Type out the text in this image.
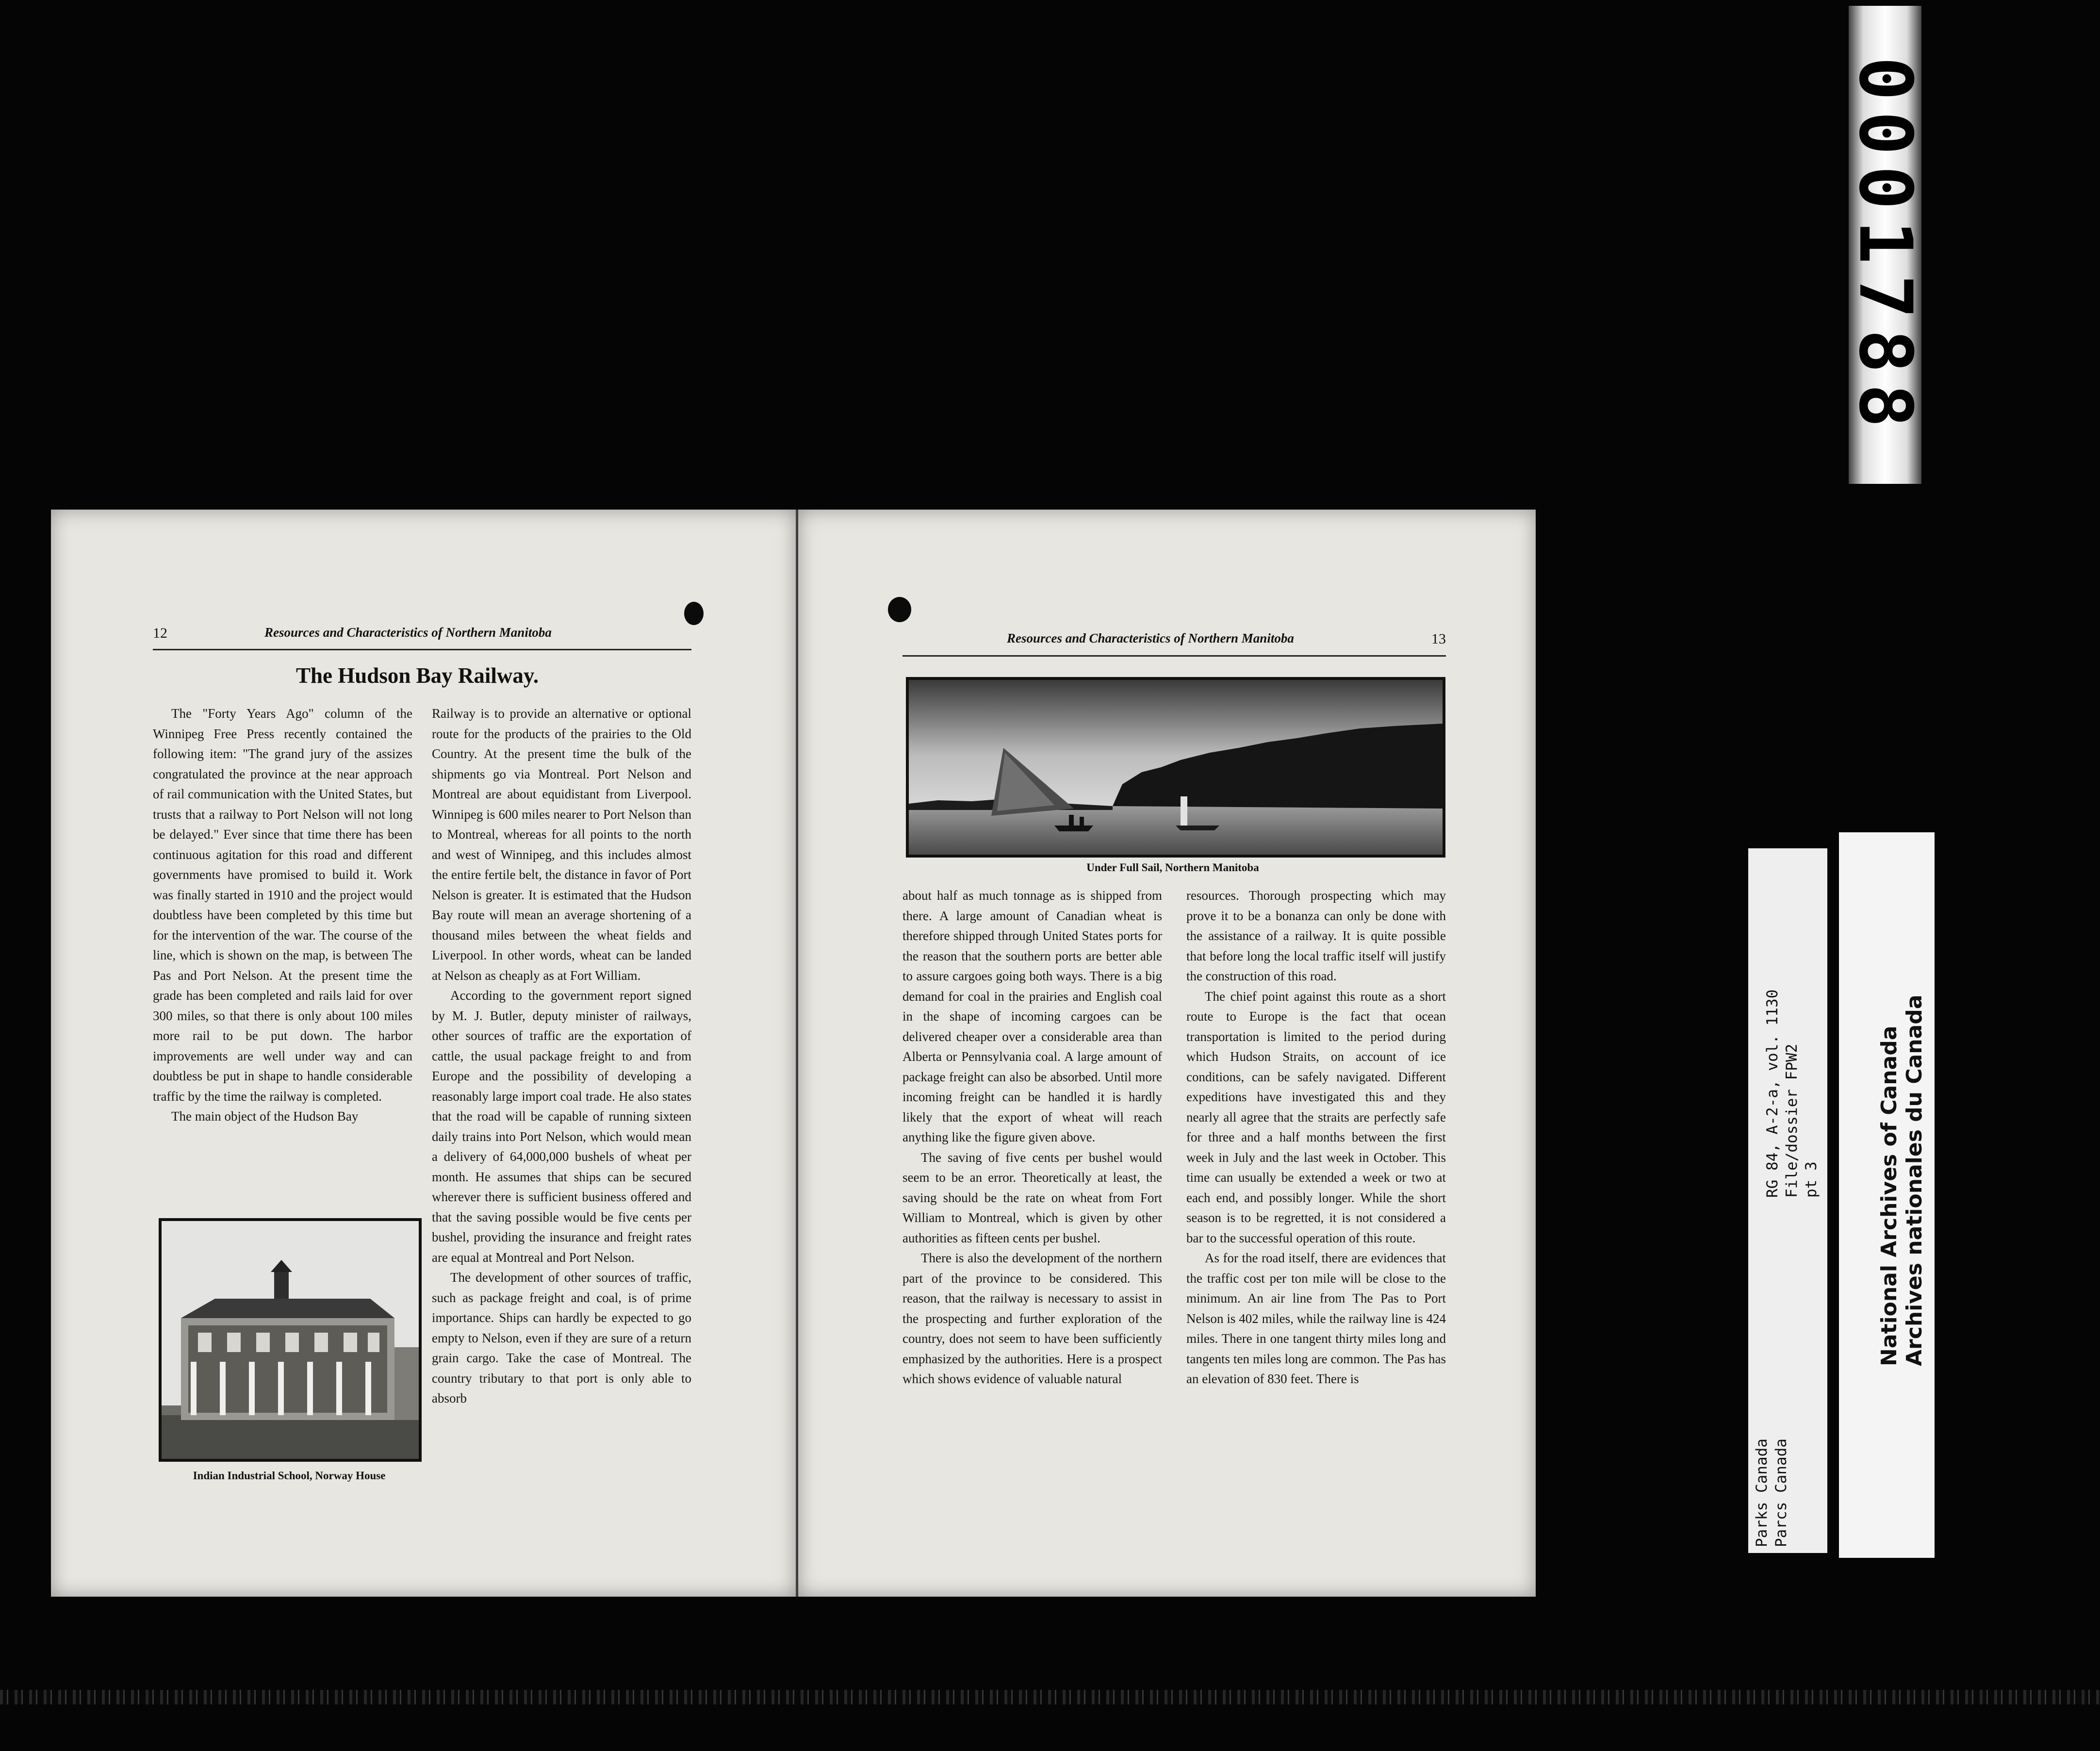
0001788
12	Resources and Characteristics of Northern Manitoba
The Hudson Bay Railway.

The "Forty Years Ago" column of the Winnipeg Free Press recently contained the following item: "The grand jury of the assizes congratulated the province at the near approach of rail communication with the United States, but trusts that a railway to Port Nelson will not long be delayed." Ever since that time there has been continuous agitation for this road and different governments have promised to build it. Work was finally started in 1910 and the project would doubtless have been completed by this time but for the intervention of the war. The course of the line, which is shown on the map, is between The Pas and Port Nelson. At the present time the grade has been completed and rails laid for over 300 miles, so that there is only about 100 miles more rail to be put down. The harbor improvements are well under way and can doubtless be put in shape to handle considerable traffic by the time the railway is completed.

The main object of the Hudson Bay

Indian Industrial School, Norway House

Railway is to provide an alternative or optional route for the products of the prairies to the Old Country. At the present time the bulk of the shipments go via Montreal. Port Nelson and Montreal are about equidistant from Liverpool. Winnipeg is 600 miles nearer to Port Nelson than to Montreal, whereas for all points to the north and west of Winnipeg, and this includes almost the entire fertile belt, the distance in favor of Port Nelson is greater. It is estimated that the Hudson Bay route will mean an average shortening of a thousand miles between the wheat fields and Liverpool. In other words, wheat can be landed at Nelson as cheaply as at Fort William.

According to the government report signed by M. J. Butler, deputy minister of railways, other sources of traffic are the exportation of cattle, the usual package freight to and from Europe and the possibility of developing a reasonably large import coal trade. He also states that the road will be capable of running sixteen daily trains into Port Nelson, which would mean a delivery of 64,000,000 bushels of wheat per month. He assumes that ships can be secured wherever there is sufficient business offered and that the saving possible would be five cents per bushel, providing the insurance and freight rates are equal at Montreal and Port Nelson.

The development of other sources of traffic, such as package freight and coal, is of prime importance. Ships can hardly be expected to go empty to Nelson, even if they are sure of a return grain cargo. Take the case of Montreal. The country tributary to that port is only able to absorb

Resources and Characteristics of Northern Manitoba	13
Under Full Sail, Northern Manitoba

about half as much tonnage as is shipped from there. A large amount of Canadian wheat is therefore shipped through United States ports for the reason that the southern ports are better able to assure cargoes going both ways. There is a big demand for coal in the prairies and English coal in the shape of incoming cargoes can be delivered cheaper over a considerable area than Alberta or Pennsylvania coal. A large amount of package freight can also be absorbed. Until more incoming freight can be handled it is hardly likely that the export of wheat will reach anything like the figure given above.

The saving of five cents per bushel would seem to be an error. Theoretically at least, the saving should be the rate on wheat from Fort William to Montreal, which is given by other authorities as fifteen cents per bushel.

There is also the development of the northern part of the province to be considered. This reason, that the railway is necessary to assist in the prospecting and further exploration of the country, does not seem to have been sufficiently emphasized by the authorities. Here is a prospect which shows evidence of valuable natural

resources. Thorough prospecting which may prove it to be a bonanza can only be done with the assistance of a railway. It is quite possible that before long the local traffic itself will justify the construction of this road.

The chief point against this route as a short route to Europe is the fact that ocean transportation is limited to the period during which Hudson Straits, on account of ice conditions, can be safely navigated. Different expeditions have investigated this and they nearly all agree that the straits are perfectly safe for three and a half months between the first week in July and the last week in October. This time can usually be extended a week or two at each end, and possibly longer. While the short season is to be regretted, it is not considered a bar to the successful operation of this route.

As for the road itself, there are evidences that the traffic cost per ton mile will be close to the minimum. An air line from The Pas to Port Nelson is 402 miles, while the railway line is 424 miles. There in one tangent thirty miles long and tangents ten miles long are common. The Pas has an elevation of 830 feet. There is

Parks Canada Parcs Canada
RG 84, A-2-a, vol. 1130 File/dossier FPW2 pt 3	National Archives of Canada Archives nationales du Canada
